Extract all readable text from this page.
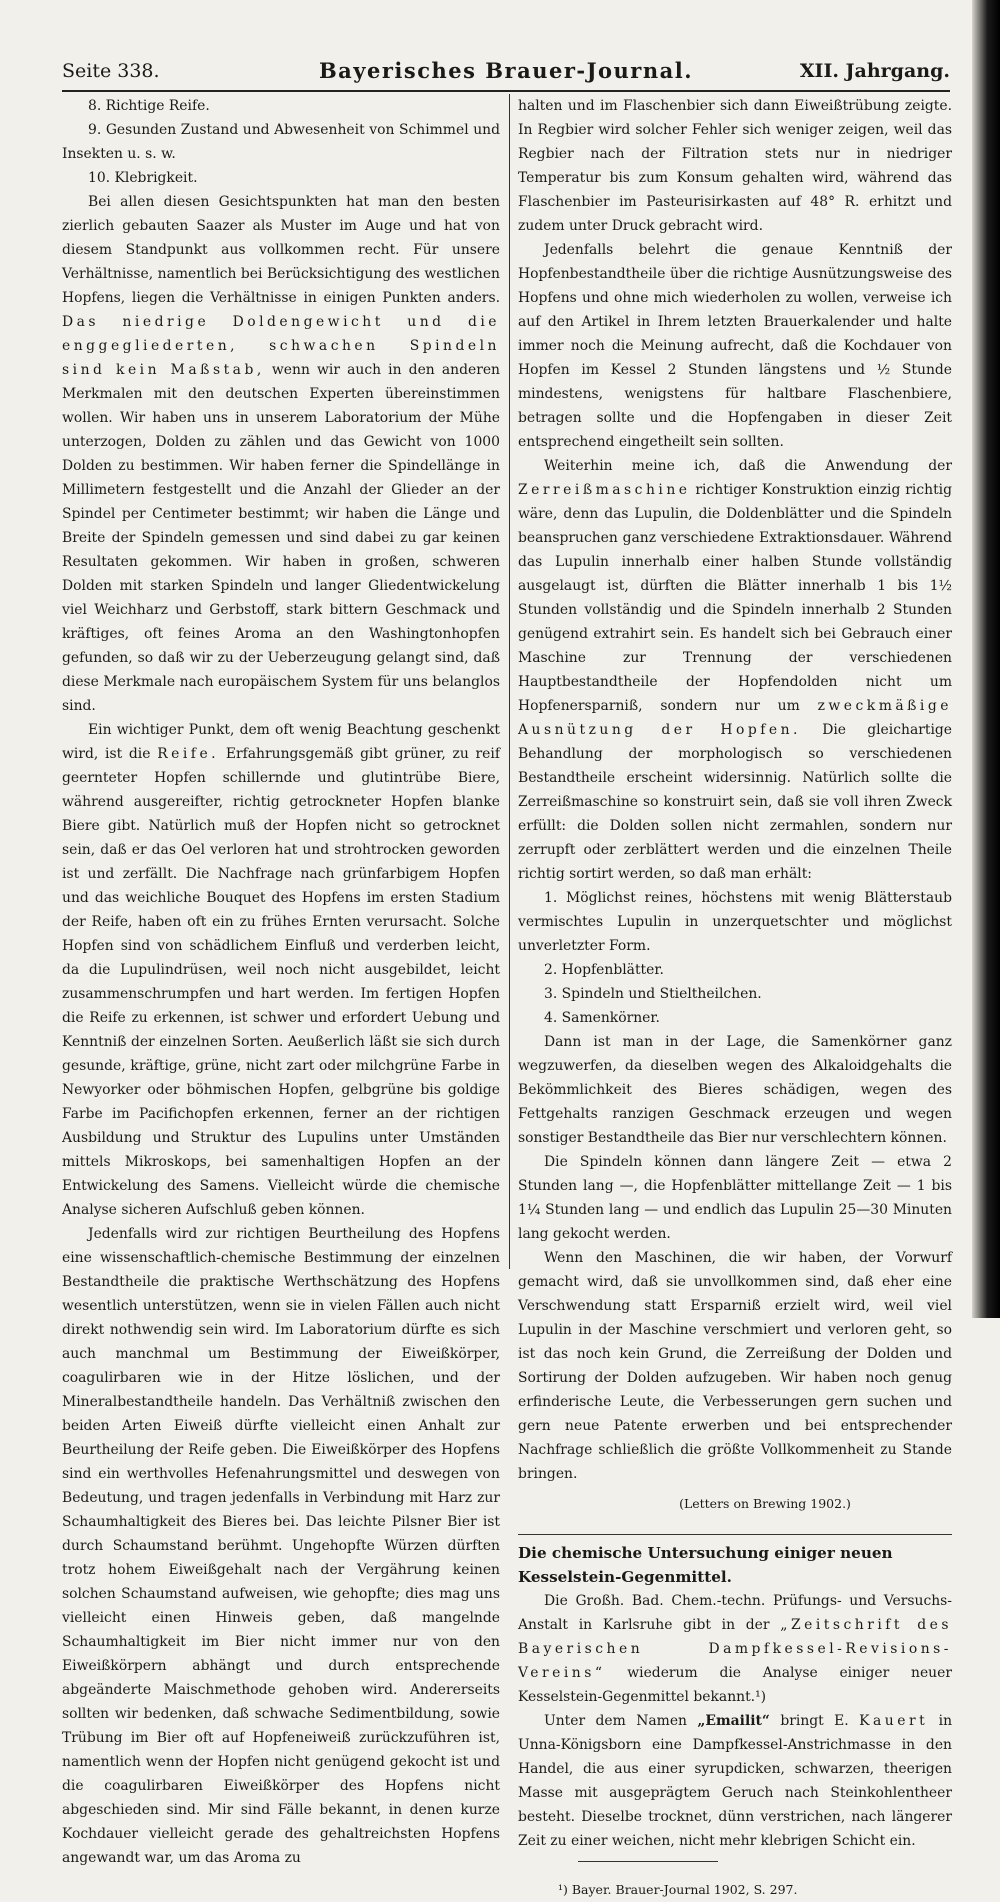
Seite 338.	Bayerisches Brauer-Journal.	XII. Jahrgang.

8. Richtige Reife.

9. Gesunden Zustand und Abwesenheit von Schimmel und Insekten u. s. w.

10. Klebrigkeit.

Bei allen diesen Gesichtspunkten hat man den besten zierlich gebauten Saazer als Muster im Auge und hat von diesem Standpunkt aus vollkommen recht. Für unsere Verhältnisse, namentlich bei Berücksichtigung des westlichen Hopfens, liegen die Verhältnisse in einigen Punkten anders. Das niedrige Doldengewicht und die enggegliederten, schwachen Spindeln sind kein Maßstab, wenn wir auch in den anderen Merkmalen mit den deutschen Experten übereinstimmen wollen. Wir haben uns in unserem Laboratorium der Mühe unterzogen, Dolden zu zählen und das Gewicht von 1000 Dolden zu bestimmen. Wir haben ferner die Spindellänge in Millimetern festgestellt und die Anzahl der Glieder an der Spindel per Centimeter bestimmt; wir haben die Länge und Breite der Spindeln gemessen und sind dabei zu gar keinen Resultaten gekommen. Wir haben in großen, schweren Dolden mit starken Spindeln und langer Gliedentwickelung viel Weichharz und Gerbstoff, stark bittern Geschmack und kräftiges, oft feines Aroma an den Washingtonhopfen gefunden, so daß wir zu der Ueberzeugung gelangt sind, daß diese Merkmale nach europäischem System für uns belanglos sind.

Ein wichtiger Punkt, dem oft wenig Beachtung geschenkt wird, ist die Reife. Erfahrungsgemäß gibt grüner, zu reif geernteter Hopfen schillernde und glutintrübe Biere, während ausgereifter, richtig getrockneter Hopfen blanke Biere gibt. Natürlich muß der Hopfen nicht so getrocknet sein, daß er das Oel verloren hat und strohtrocken geworden ist und zerfällt. Die Nachfrage nach grünfarbigem Hopfen und das weichliche Bouquet des Hopfens im ersten Stadium der Reife, haben oft ein zu frühes Ernten verursacht. Solche Hopfen sind von schädlichem Einfluß und verderben leicht, da die Lupulindrüsen, weil noch nicht ausgebildet, leicht zusammenschrumpfen und hart werden. Im fertigen Hopfen die Reife zu erkennen, ist schwer und erfordert Uebung und Kenntniß der einzelnen Sorten. Aeußerlich läßt sie sich durch gesunde, kräftige, grüne, nicht zart oder milchgrüne Farbe in Newyorker oder böhmischen Hopfen, gelbgrüne bis goldige Farbe im Pacifichopfen erkennen, ferner an der richtigen Ausbildung und Struktur des Lupulins unter Umständen mittels Mikroskops, bei samenhaltigen Hopfen an der Entwickelung des Samens. Vielleicht würde die chemische Analyse sicheren Aufschluß geben können.

Jedenfalls wird zur richtigen Beurtheilung des Hopfens eine wissenschaftlich-chemische Bestimmung der einzelnen Bestandtheile die praktische Werthschätzung des Hopfens wesentlich unterstützen, wenn sie in vielen Fällen auch nicht direkt nothwendig sein wird. Im Laboratorium dürfte es sich auch manchmal um Bestimmung der Eiweißkörper, coagulirbaren wie in der Hitze löslichen, und der Mineralbestandtheile handeln. Das Verhältniß zwischen den beiden Arten Eiweiß dürfte vielleicht einen Anhalt zur Beurtheilung der Reife geben. Die Eiweißkörper des Hopfens sind ein werthvolles Hefenahrungsmittel und deswegen von Bedeutung, und tragen jedenfalls in Verbindung mit Harz zur Schaumhaltigkeit des Bieres bei. Das leichte Pilsner Bier ist durch Schaumstand berühmt. Ungehopfte Würzen dürften trotz hohem Eiweißgehalt nach der Vergährung keinen solchen Schaumstand aufweisen, wie gehopfte; dies mag uns vielleicht einen Hinweis geben, daß mangelnde Schaumhaltigkeit im Bier nicht immer nur von den Eiweißkörpern abhängt und durch entsprechende abgeänderte Maischmethode gehoben wird. Andererseits sollten wir bedenken, daß schwache Sedimentbildung, sowie Trübung im Bier oft auf Hopfeneiweiß zurückzuführen ist, namentlich wenn der Hopfen nicht genügend gekocht ist und die coagulirbaren Eiweißkörper des Hopfens nicht abgeschieden sind. Mir sind Fälle bekannt, in denen kurze Kochdauer vielleicht gerade des gehaltreichsten Hopfens angewandt war, um das Aroma zu

halten und im Flaschenbier sich dann Eiweißtrübung zeigte. In Regbier wird solcher Fehler sich weniger zeigen, weil das Regbier nach der Filtration stets nur in niedriger Temperatur bis zum Konsum gehalten wird, während das Flaschenbier im Pasteurisirkasten auf 48° R. erhitzt und zudem unter Druck gebracht wird.

Jedenfalls belehrt die genaue Kenntniß der Hopfenbestandtheile über die richtige Ausnützungsweise des Hopfens und ohne mich wiederholen zu wollen, verweise ich auf den Artikel in Ihrem letzten Brauerkalender und halte immer noch die Meinung aufrecht, daß die Kochdauer von Hopfen im Kessel 2 Stunden längstens und ½ Stunde mindestens, wenigstens für haltbare Flaschenbiere, betragen sollte und die Hopfengaben in dieser Zeit entsprechend eingetheilt sein sollten.

Weiterhin meine ich, daß die Anwendung der Zerreißmaschine richtiger Konstruktion einzig richtig wäre, denn das Lupulin, die Doldenblätter und die Spindeln beanspruchen ganz verschiedene Extraktionsdauer. Während das Lupulin innerhalb einer halben Stunde vollständig ausgelaugt ist, dürften die Blätter innerhalb 1 bis 1½ Stunden vollständig und die Spindeln innerhalb 2 Stunden genügend extrahirt sein. Es handelt sich bei Gebrauch einer Maschine zur Trennung der verschiedenen Hauptbestandtheile der Hopfendolden nicht um Hopfenersparniß, sondern nur um zweckmäßige Ausnützung der Hopfen. Die gleichartige Behandlung der morphologisch so verschiedenen Bestandtheile erscheint widersinnig. Natürlich sollte die Zerreißmaschine so konstruirt sein, daß sie voll ihren Zweck erfüllt: die Dolden sollen nicht zermahlen, sondern nur zerrupft oder zerblättert werden und die einzelnen Theile richtig sortirt werden, so daß man erhält:

1. Möglichst reines, höchstens mit wenig Blätterstaub vermischtes Lupulin in unzerquetschter und möglichst unverletzter Form.

2. Hopfenblätter.

3. Spindeln und Stieltheilchen.

4. Samenkörner.

Dann ist man in der Lage, die Samenkörner ganz wegzuwerfen, da dieselben wegen des Alkaloidgehalts die Bekömmlichkeit des Bieres schädigen, wegen des Fettgehalts ranzigen Geschmack erzeugen und wegen sonstiger Bestandtheile das Bier nur verschlechtern können.

Die Spindeln können dann längere Zeit — etwa 2 Stunden lang —, die Hopfenblätter mittellange Zeit — 1 bis 1¼ Stunden lang — und endlich das Lupulin 25—30 Minuten lang gekocht werden.

Wenn den Maschinen, die wir haben, der Vorwurf gemacht wird, daß sie unvollkommen sind, daß eher eine Verschwendung statt Ersparniß erzielt wird, weil viel Lupulin in der Maschine verschmiert und verloren geht, so ist das noch kein Grund, die Zerreißung der Dolden und Sortirung der Dolden aufzugeben. Wir haben noch genug erfinderische Leute, die Verbesserungen gern suchen und gern neue Patente erwerben und bei entsprechender Nachfrage schließlich die größte Vollkommenheit zu Stande bringen.

(Letters on Brewing 1902.)

Die chemische Untersuchung einiger neuen Kesselstein-Gegenmittel.

Die Großh. Bad. Chem.-techn. Prüfungs- und Versuchs-Anstalt in Karlsruhe gibt in der „Zeitschrift des Bayerischen Dampfkessel-Revisions-Vereins“ wiederum die Analyse einiger neuer Kesselstein-Gegenmittel bekannt.¹)

Unter dem Namen „Emailit“ bringt E. Kauert in Unna-Königsborn eine Dampfkessel-Anstrichmasse in den Handel, die aus einer syrupdicken, schwarzen, theerigen Masse mit ausgeprägtem Geruch nach Steinkohlentheer besteht. Dieselbe trocknet, dünn verstrichen, nach längerer Zeit zu einer weichen, nicht mehr klebrigen Schicht ein.

¹) Bayer. Brauer-Journal 1902, S. 297.
